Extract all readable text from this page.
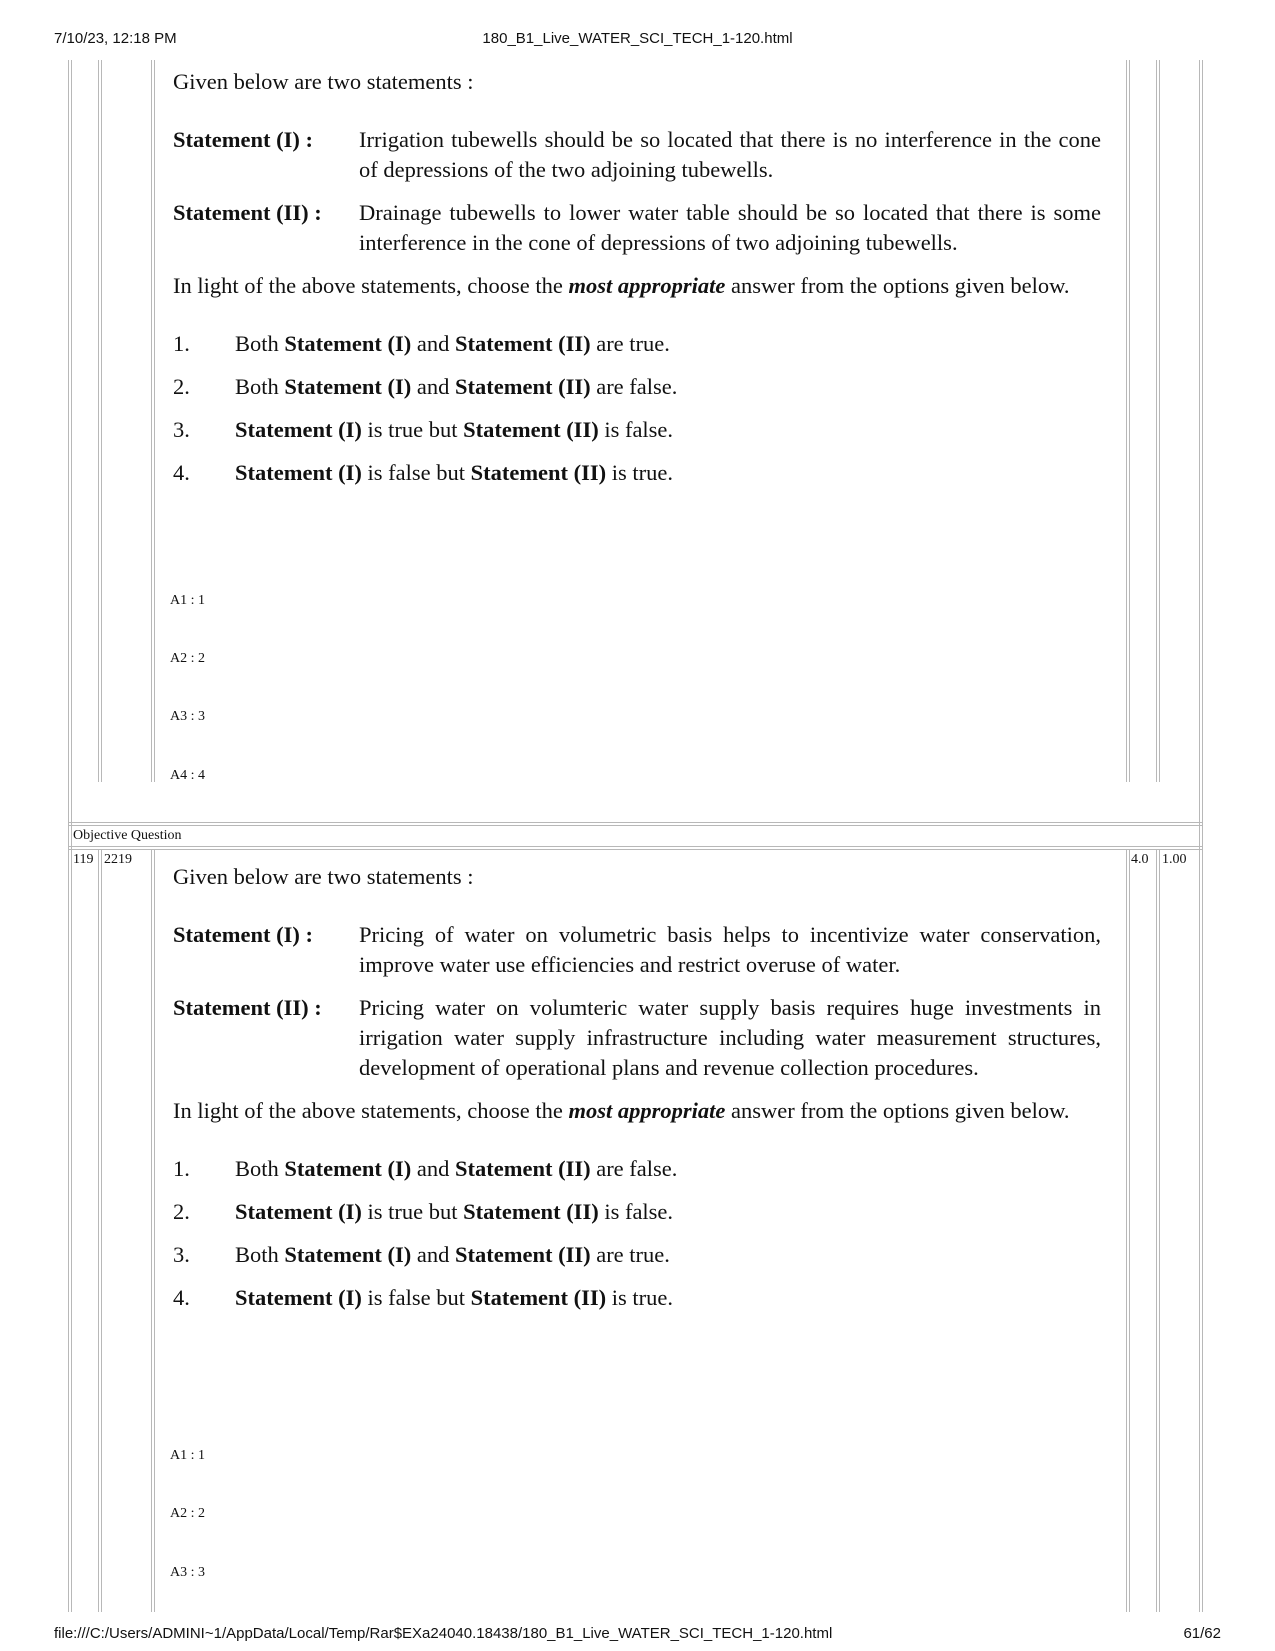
7/10/23, 12:18 PM	180_B1_Live_WATER_SCI_TECH_1-120.html

Given below are two statements :

Statement (I) :	Irrigation tubewells should be so located that there is no interference in the cone of depressions of the two adjoining tubewells.
Statement (II) :	Drainage tubewells to lower water table should be so located that there is some interference in the cone of depressions of two adjoining tubewells.

In light of the above statements, choose the most appropriate answer from the options given below.

1.	Both Statement (I) and Statement (II) are true.
2.	Both Statement (I) and Statement (II) are false.
3.	Statement (I) is true but Statement (II) is false.
4.	Statement (I) is false but Statement (II) is true.
A1 : 1
A2 : 2
A3 : 3
A4 : 4
Objective Question
119 2219	4.0 1.00

Given below are two statements :

Statement (I) :	Pricing of water on volumetric basis helps to incentivize water conservation, improve water use efficiencies and restrict overuse of water.
Statement (II) :	Pricing water on volumteric water supply basis requires huge investments in irrigation water supply infrastructure including water measurement structures, development of operational plans and revenue collection procedures.

In light of the above statements, choose the most appropriate answer from the options given below.

1.	Both Statement (I) and Statement (II) are false.
2.	Statement (I) is true but Statement (II) is false.
3.	Both Statement (I) and Statement (II) are true.
4.	Statement (I) is false but Statement (II) is true.
A1 : 1
A2 : 2
A3 : 3
file:///C:/Users/ADMINI~1/AppData/Local/Temp/Rar$EXa24040.18438/180_B1_Live_WATER_SCI_TECH_1-120.html	61/62
